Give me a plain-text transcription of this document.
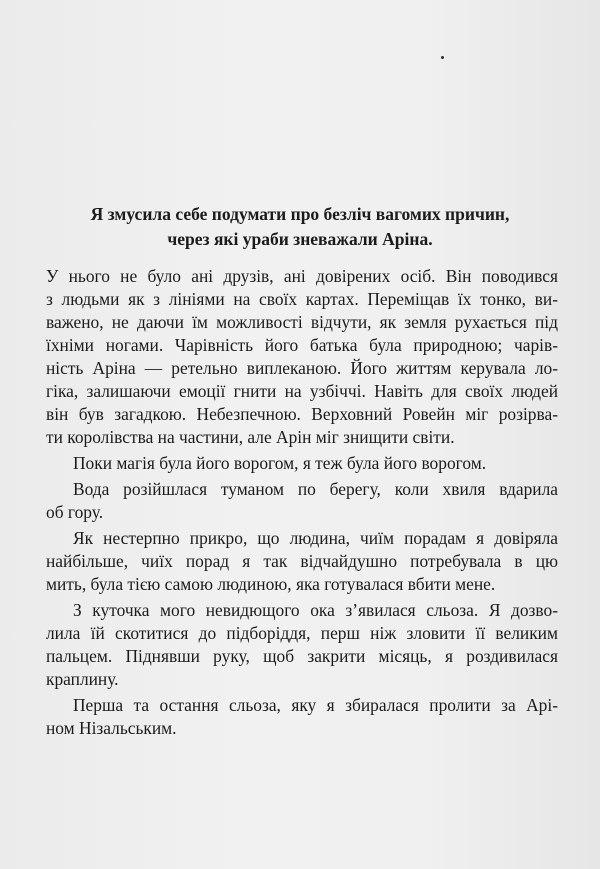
Я змусила себе подумати про безліч вагомих причин,
через які ураби зневажали Аріна.
У нього не було ані друзів, ані довірених осіб. Він поводився
з людьми як з лініями на своїх картах. Переміщав їх тонко, ви-
важено, не даючи їм можливості відчути, як земля рухається під
їхніми ногами. Чарівність його батька була природною; чарів-
ність Аріна — ретельно виплеканою. Його життям керувала ло-
гіка, залишаючи емоції гнити на узбіччі. Навіть для своїх людей
він був загадкою. Небезпечною. Верховний Ровейн міг розірва-
ти королівства на частини, але Арін міг знищити світи.
Поки магія була його ворогом, я теж була його ворогом.
Вода розійшлася туманом по берегу, коли хвиля вдарила
об гору.
Як нестерпно прикро, що людина, чиїм порадам я довіряла
найбільше, чиїх порад я так відчайдушно потребувала в цю
мить, була тією самою людиною, яка готувалася вбити мене.
З куточка мого невидющого ока з’явилася сльоза. Я дозво-
лила їй скотитися до підборіддя, перш ніж зловити її великим
пальцем. Піднявши руку, щоб закрити місяць, я роздивилася
краплину.
Перша та остання сльоза, яку я збиралася пролити за Арі-
ном Нізальським.
